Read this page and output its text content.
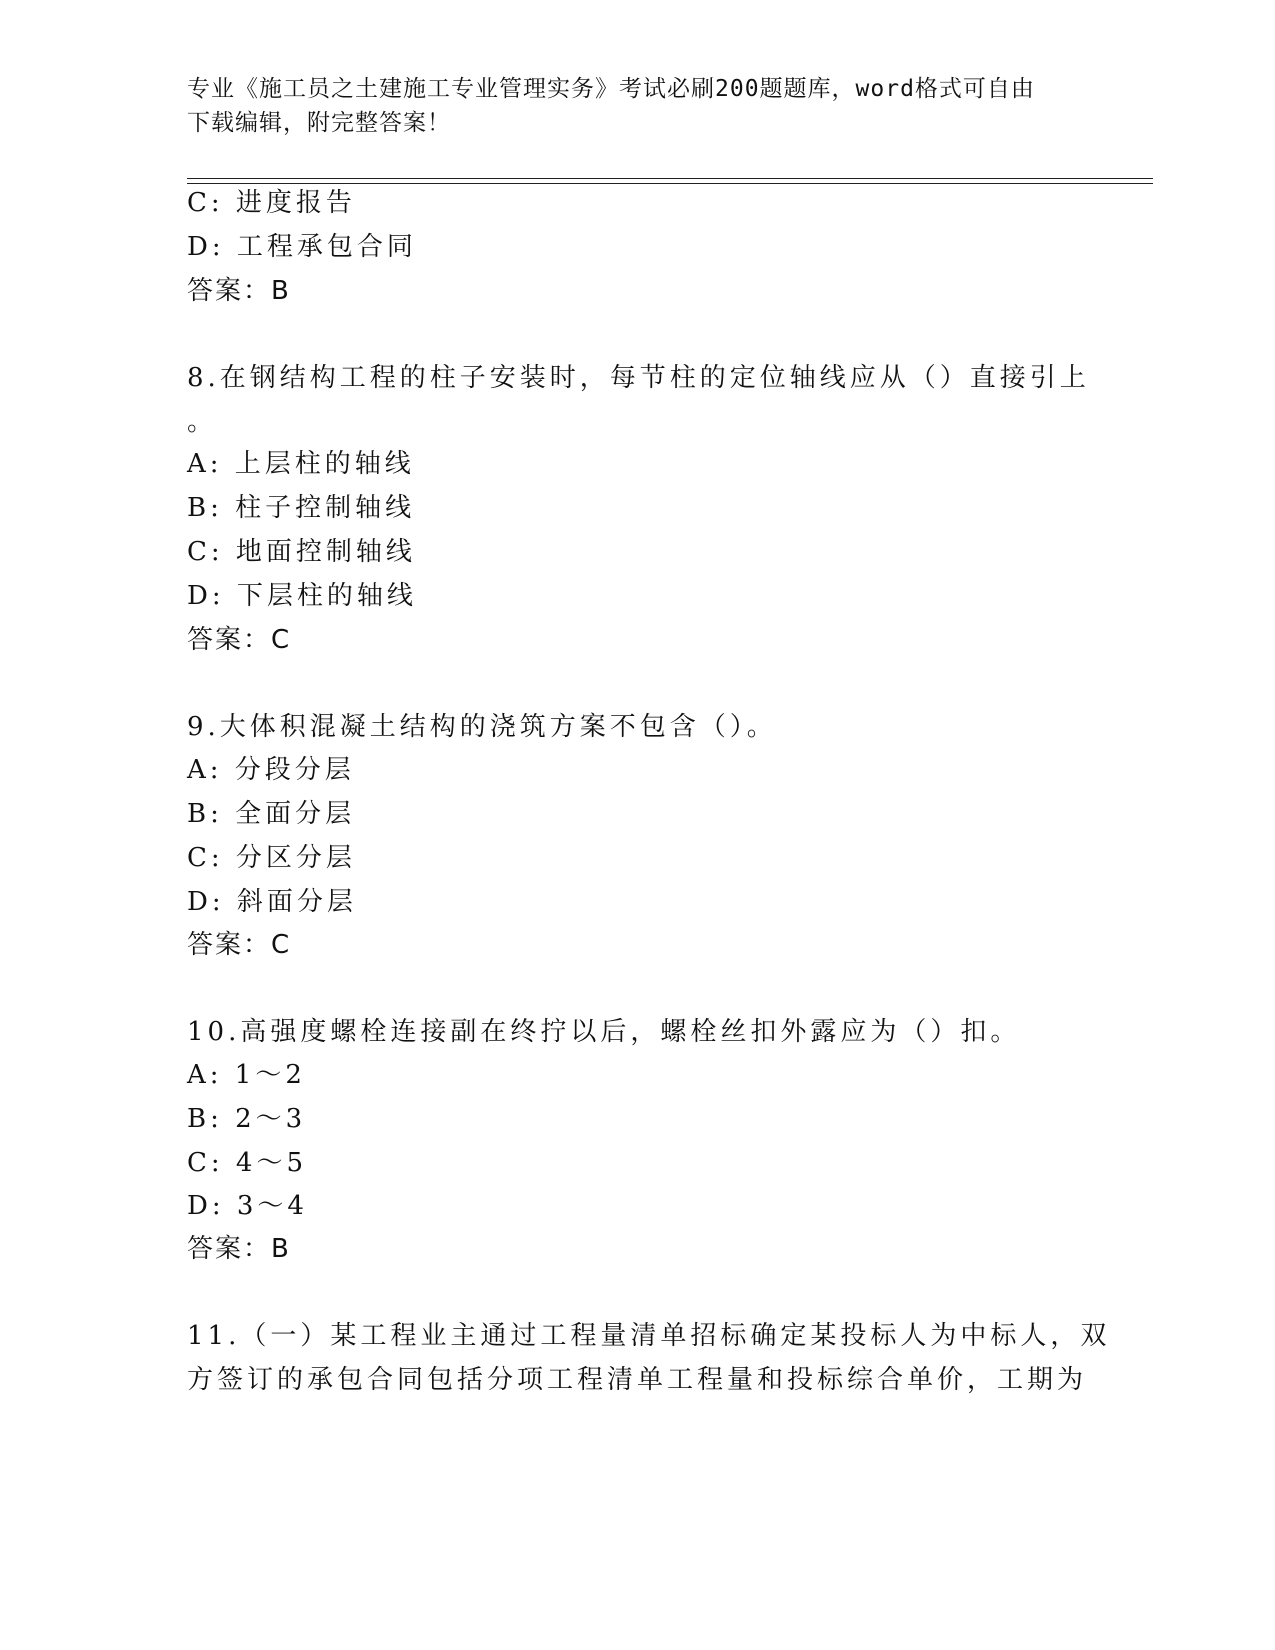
专业《施工员之土建施工专业管理实务》考试必刷200题题库，word格式可自由
下载编辑，附完整答案！
C: 进度报告
D: 工程承包合同
答案：B
8.在钢结构工程的柱子安装时，每节柱的定位轴线应从（）直接引上
。
A: 上层柱的轴线
B: 柱子控制轴线
C: 地面控制轴线
D: 下层柱的轴线
答案：C
9.大体积混凝土结构的浇筑方案不包含（）。
A: 分段分层
B: 全面分层
C: 分区分层
D: 斜面分层
答案：C
10.高强度螺栓连接副在终拧以后，螺栓丝扣外露应为（）扣。
A: 1～2
B: 2～3
C: 4～5
D: 3～4
答案：B
11.（一）某工程业主通过工程量清单招标确定某投标人为中标人，双
方签订的承包合同包括分项工程清单工程量和投标综合单价，工期为
